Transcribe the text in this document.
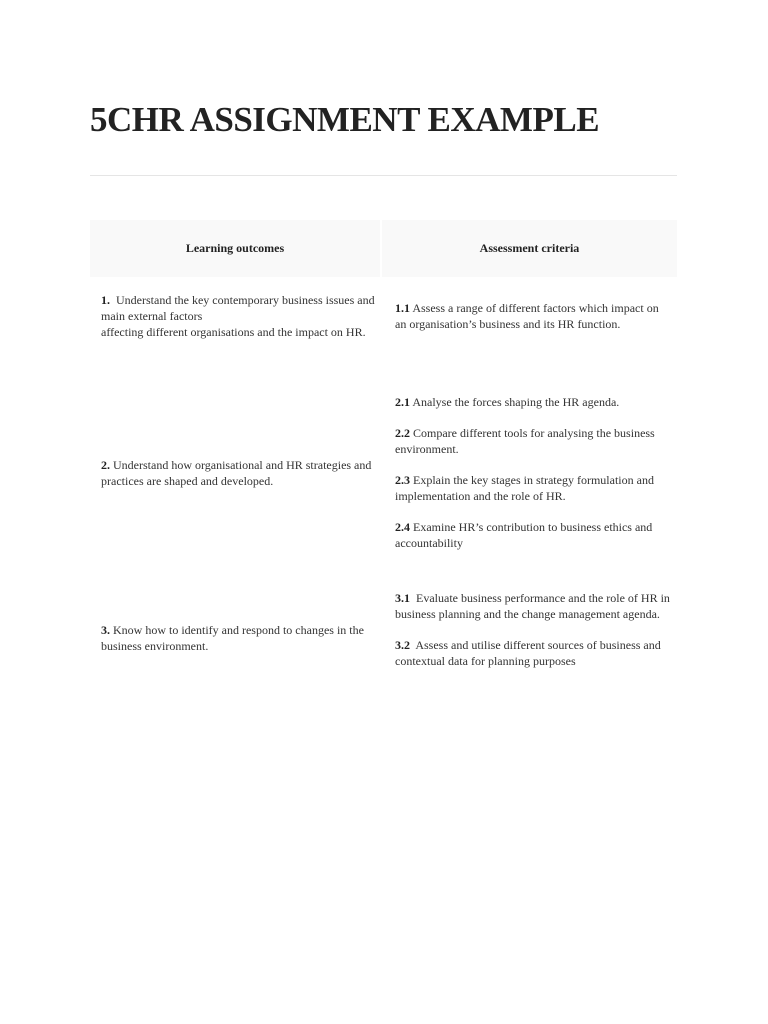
5CHR ASSIGNMENT EXAMPLE
Learning outcomes	Assessment criteria

1.  Understand the key contemporary business issues and main external factors

affecting different organisations and the impact on HR.

1.1 Assess a range of different factors which impact on an organisation’s business and its HR function.

2. Understand how organisational and HR strategies and practices are shaped and developed.

2.1 Analyse the forces shaping the HR agenda.

2.2 Compare different tools for analysing the business environment.

2.3 Explain the key stages in strategy formulation and implementation and the role of HR.

2.4 Examine HR’s contribution to business ethics and accountability

3. Know how to identify and respond to changes in the business environment.

3.1  Evaluate business performance and the role of HR in business planning and the change management agenda.

3.2  Assess and utilise different sources of business and contextual data for planning purposes
